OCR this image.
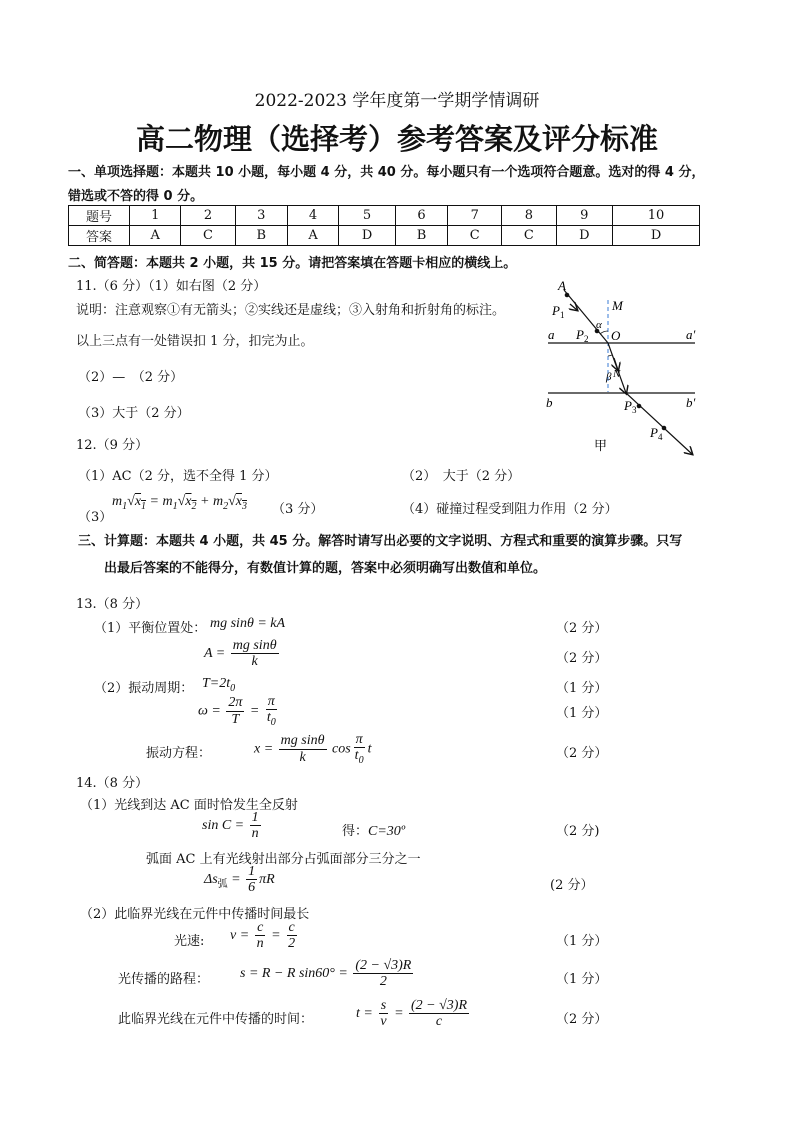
2022-2023 学年度第一学期学情调研
高二物理（选择考）参考答案及评分标准
一、单项选择题：本题共 10 小题，每小题 4 分，共 40 分。每小题只有一个选项符合题意。选对的得 4 分，
错选或不答的得 0 分。
题号	1	2	3	4	5	6	7	8	9	10
答案	A	C	B	A	D	B	C	C	D	D
二、简答题：本题共 2 小题，共 15 分。请把答案填在答题卡相应的横线上。
11.（6 分）（1）如右图（2 分）
说明：注意观察①有无箭头；②实线还是虚线；③入射角和折射角的标注。
以上三点有一处错误扣 1 分，扣完为止。
（2）—　（2 分）
（3）大于（2 分）
A
$P_1$
M
α
$P_2$ O
a	a′
β N
b	$P_3$	b′
$P_4$
甲
12.（9 分）
（1）AC（2 分，选不全得 1 分）	（2）　大于（2 分）
（3）
$m_1√x_1 = m_1√x_2 + m_2√x_3$ （3 分）	（4）碰撞过程受到阻力作用（2 分）
三、计算题：本题共 4 小题，共 45 分。解答时请写出必要的文字说明、方程式和重要的演算步骤。只写
出最后答案的不能得分，有数值计算的题，答案中必须明确写出数值和单位。
13.（8 分）
（1）平衡位置处： mg sinθ = kA	（2 分）
$A = \frac{\text{mg sinθ}}{k}$	（2 分）
（2）振动周期： $T=2t_0$	（1 分）
$\omega = \frac{2\pi}{T} = \frac{\pi}{t_0}$	（1 分）
振动方程：	$x = \frac{\text{mg sinθ}}{k}$ $\cos \frac{\pi}{t_0}$ t	（2 分）
14.（8 分）
（1）光线到达 AC 面时恰发生全反射
$\sin C = \frac{1}{n}$	得：C=30º	（2 分)
弧面 AC 上有光线射出部分占弧面部分三分之一
$\Delta s_弧 = \frac{1}{6}$ πR	(2 分）
（2）此临界光线在元件中传播时间最长
光速: $v = \frac{c}{n} = \frac{c}{2}$	（1 分）
光传播的路程： s = R − R $\sin 60^\circ = \frac{(2 - √3)R}{2}$	（1 分）
此临界光线在元件中传播的时间：	$t = \frac{s}{v} = \frac{(2 - √3)R}{c}$	（2 分）
